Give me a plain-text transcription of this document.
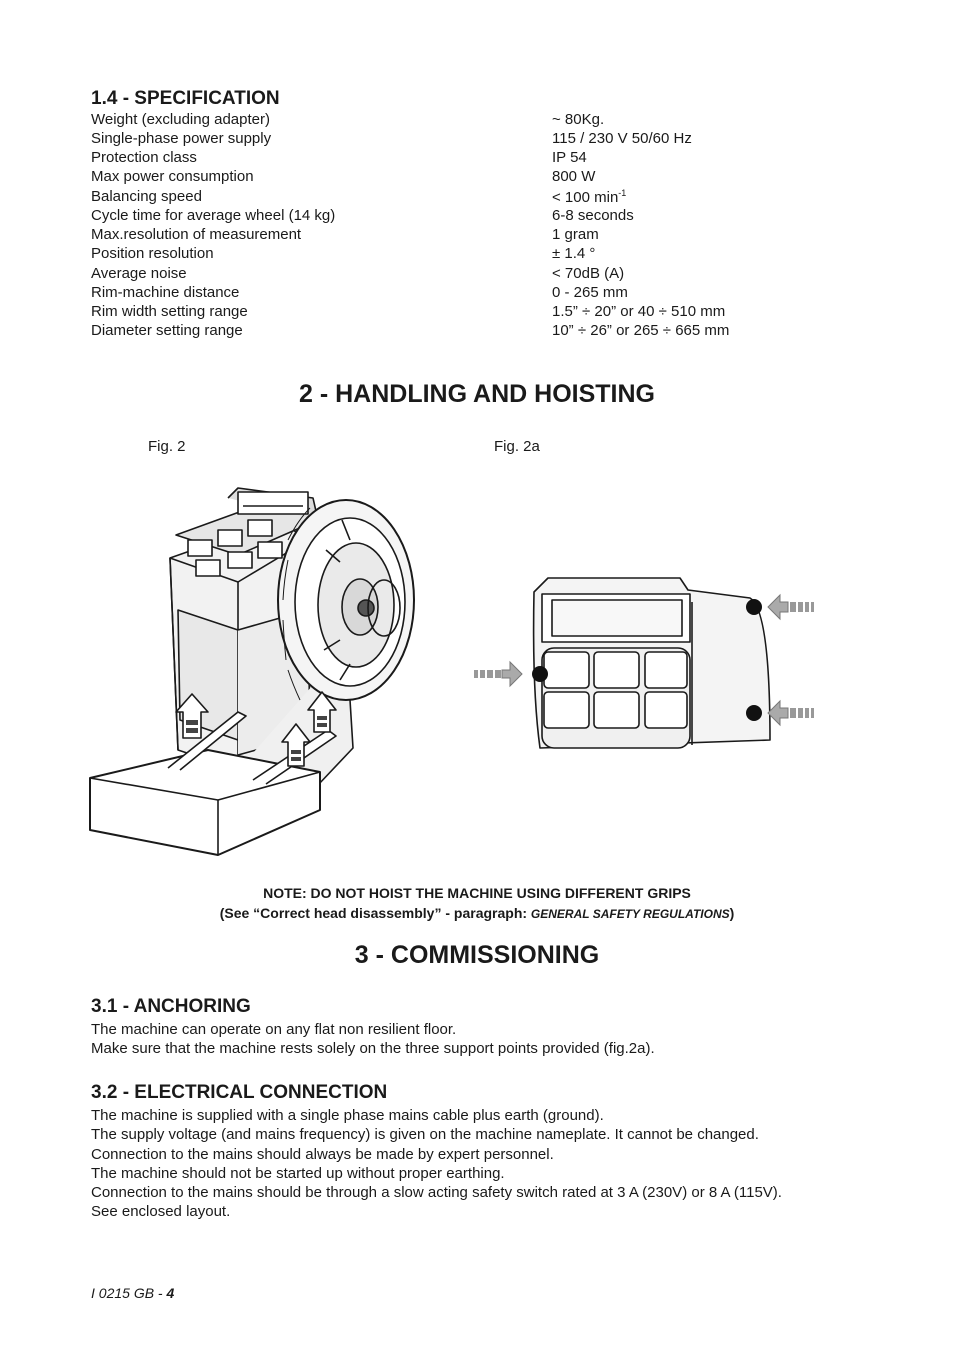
1.4 - SPECIFICATION
Weight (excluding adapter)	~ 80Kg.
Single-phase power supply	115 / 230 V 50/60 Hz
Protection class	IP 54
Max power consumption	800 W
Balancing speed	< 100 $\min^{-1}$
Cycle time for average wheel (14 kg)	6-8 seconds
Max.resolution of measurement	1 gram
Position resolution	± 1.4 °
Average noise	< 70dB (A)
Rim-machine distance	0 - 265 mm
Rim width setting range	1.5” ÷ 20” or 40 ÷ 510 mm
Diameter setting range	10” ÷ 26” or 265 ÷ 665 mm
2 - HANDLING AND HOISTING
Fig. 2	Fig. 2a
NOTE: DO NOT HOIST THE MACHINE USING DIFFERENT GRIPS
(See “Correct head disassembly” - paragraph: GENERAL SAFETY REGULATIONS)
3 - COMMISSIONING
3.1 - ANCHORING
The machine can operate on any flat non resilient floor.
Make sure that the machine rests solely on the three support points provided (fig.2a).
3.2 - ELECTRICAL CONNECTION
The machine is supplied with a single phase mains cable plus earth (ground).
The supply voltage (and mains frequency) is given on the machine nameplate. It cannot be changed.
Connection to the mains should always be made by expert personnel.
The machine should not be started up without proper earthing.
Connection to the mains should be through a slow acting safety switch rated at 3 A (230V) or 8 A (115V).
See enclosed layout.
I 0215 GB - 4
